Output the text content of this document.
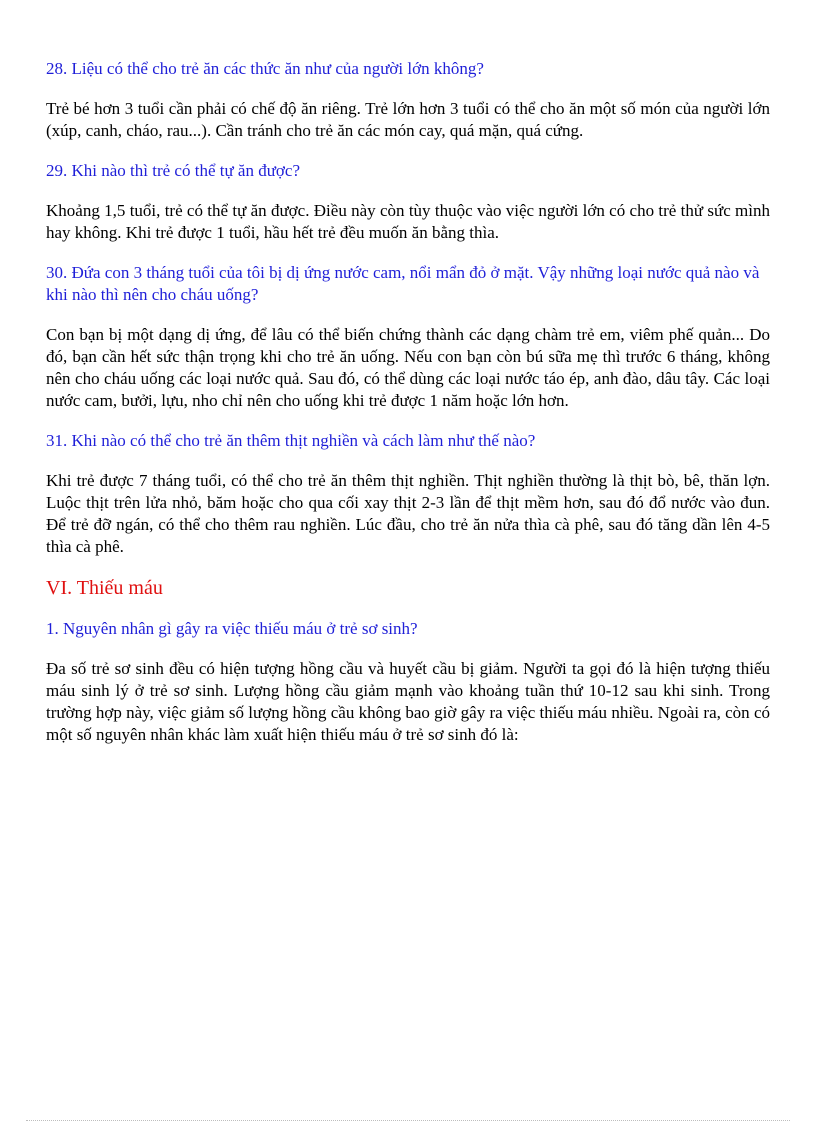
28. Liệu có thể cho trẻ ăn các thức ăn như của người lớn không?
Trẻ bé hơn 3 tuổi cần phải có chế độ ăn riêng. Trẻ lớn hơn 3 tuổi có thể cho ăn một số món của người lớn (xúp, canh, cháo, rau...). Cần tránh cho trẻ ăn các món cay, quá mặn, quá cứng.
29. Khi nào thì trẻ có thể tự ăn được?
Khoảng 1,5 tuổi, trẻ có thể tự ăn được. Điều này còn tùy thuộc vào việc người lớn có cho trẻ thử sức mình hay không. Khi trẻ được 1 tuổi, hầu hết trẻ đều muốn ăn bằng thìa.
30. Đứa con 3 tháng tuổi của tôi bị dị ứng nước cam, nổi mẩn đỏ ở mặt. Vậy những loại nước quả nào và khi nào thì nên cho cháu uống?
Con bạn bị một dạng dị ứng, để lâu có thể biến chứng thành các dạng chàm trẻ em, viêm phế quản... Do đó, bạn cần hết sức thận trọng khi cho trẻ ăn uống. Nếu con bạn còn bú sữa mẹ thì trước 6 tháng, không nên cho cháu uống các loại nước quả. Sau đó, có thể dùng các loại nước táo ép, anh đào, dâu tây. Các loại nước cam, bưởi, lựu, nho chỉ nên cho uống khi trẻ được 1 năm hoặc lớn hơn.
31. Khi nào có thể cho trẻ ăn thêm thịt nghiền và cách làm như thế nào?
Khi trẻ được 7 tháng tuổi, có thể cho trẻ ăn thêm thịt nghiền. Thịt nghiền thường là thịt bò, bê, thăn lợn. Luộc thịt trên lửa nhỏ, băm hoặc cho qua cối xay thịt 2-3 lần để thịt mềm hơn, sau đó đổ nước vào đun. Để trẻ đỡ ngán, có thể cho thêm rau nghiền. Lúc đầu, cho trẻ ăn nửa thìa cà phê, sau đó tăng dần lên 4-5 thìa cà phê.
VI. Thiếu máu
1. Nguyên nhân gì gây ra việc thiếu máu ở trẻ sơ sinh?
Đa số trẻ sơ sinh đều có hiện tượng hồng cầu và huyết cầu bị giảm. Người ta gọi đó là hiện tượng thiếu máu sinh lý ở trẻ sơ sinh. Lượng hồng cầu giảm mạnh vào khoảng tuần thứ 10-12 sau khi sinh. Trong trường hợp này, việc giảm số lượng hồng cầu không bao giờ gây ra việc thiếu máu nhiều. Ngoài ra, còn có một số nguyên nhân khác làm xuất hiện thiếu máu ở trẻ sơ sinh đó là:
